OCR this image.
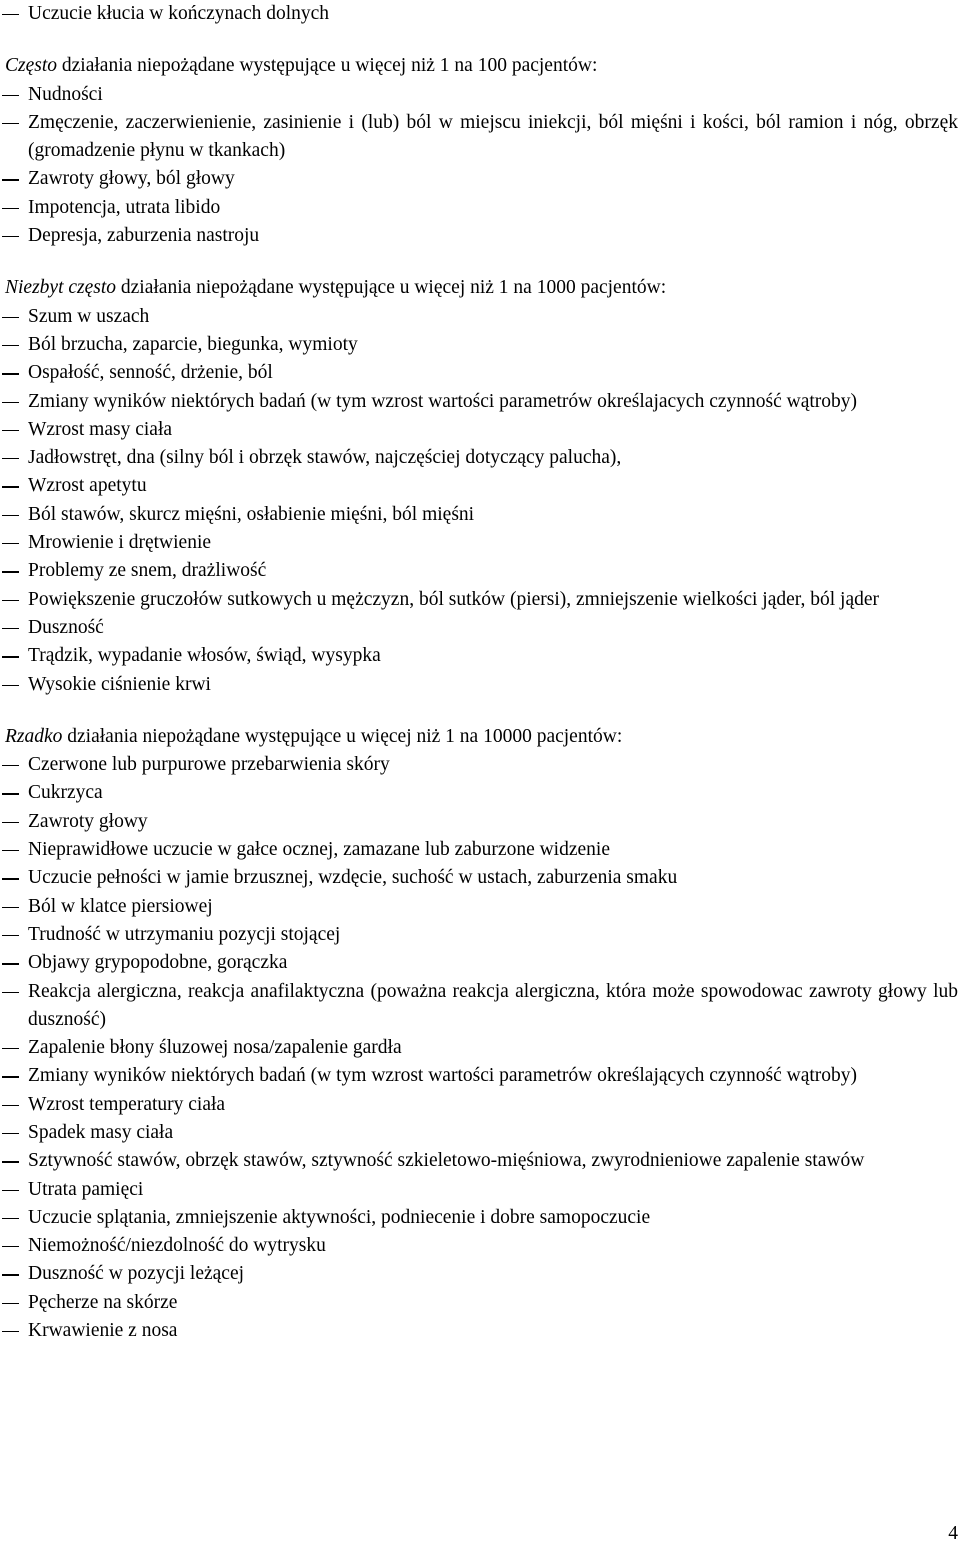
Uczucie kłucia w kończynach dolnych
Często działania niepożądane występujące u więcej niż 1 na 100 pacjentów:
Nudności
Zmęczenie, zaczerwienienie, zasinienie i (lub) ból w miejscu iniekcji, ból mięśni i kości, ból ramion i nóg, obrzęk (gromadzenie płynu w tkankach)
Zawroty głowy, ból głowy
Impotencja, utrata libido
Depresja, zaburzenia nastroju
Niezbyt często działania niepożądane występujące u więcej niż 1 na 1000 pacjentów:
Szum w uszach
Ból brzucha, zaparcie, biegunka, wymioty
Ospałość, senność, drżenie, ból
Zmiany wyników niektórych badań (w tym wzrost wartości parametrów określajacych czynność wątroby)
Wzrost masy ciała
Jadłowstręt, dna (silny ból i obrzęk stawów, najczęściej dotyczący palucha),
Wzrost apetytu
Ból stawów, skurcz mięśni, osłabienie mięśni, ból mięśni
Mrowienie i drętwienie
Problemy ze snem, drażliwość
Powiększenie gruczołów sutkowych u mężczyzn, ból sutków (piersi), zmniejszenie wielkości jąder, ból jąder
Duszność
Trądzik, wypadanie włosów, świąd, wysypka
Wysokie ciśnienie krwi
Rzadko działania niepożądane występujące u więcej niż 1 na 10000 pacjentów:
Czerwone lub purpurowe przebarwienia skóry
Cukrzyca
Zawroty głowy
Nieprawidłowe uczucie w gałce ocznej, zamazane lub zaburzone widzenie
Uczucie pełności w jamie brzusznej, wzdęcie, suchość w ustach, zaburzenia smaku
Ból w klatce piersiowej
Trudność w utrzymaniu pozycji stojącej
Objawy grypopodobne, gorączka
Reakcja alergiczna, reakcja anafilaktyczna (poważna reakcja alergiczna, która może spowodowac zawroty głowy lub duszność)
Zapalenie błony śluzowej nosa/zapalenie gardła
Zmiany wyników niektórych badań (w tym wzrost wartości parametrów określających czynność wątroby)
Wzrost temperatury ciała
Spadek masy ciała
Sztywność stawów, obrzęk stawów, sztywność szkieletowo-mięśniowa, zwyrodnieniowe zapalenie stawów
Utrata pamięci
Uczucie splątania, zmniejszenie aktywności, podniecenie i dobre samopoczucie
Niemożność/niezdolność do wytrysku
Duszność w pozycji leżącej
Pęcherze na skórze
Krwawienie z nosa
4
